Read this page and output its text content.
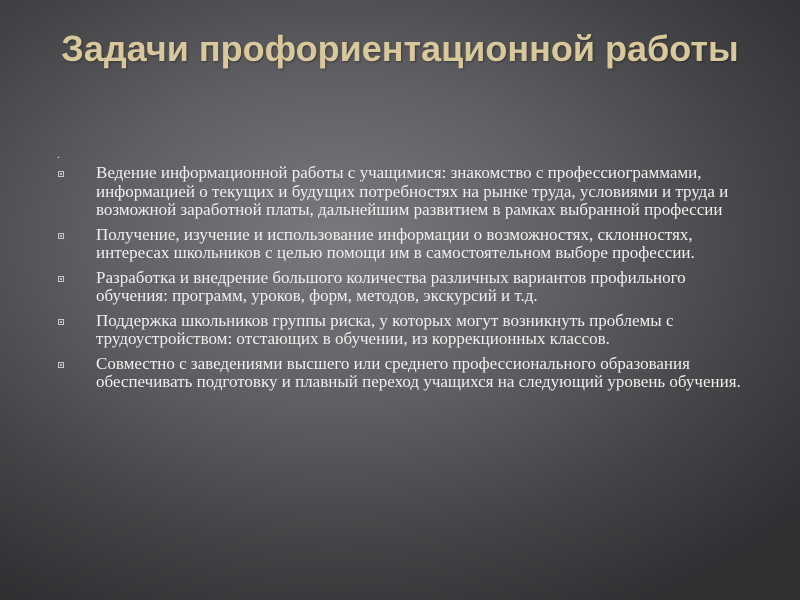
Задачи профориентационной работы
.
Ведение информационной работы с учащимися: знакомство с профессиограммами, информацией о текущих и будущих потребностях на рынке труда, условиями и труда и возможной заработной платы, дальнейшим развитием в рамках выбранной профессии
Получение, изучение и использование информации о возможностях, склонностях, интересах школьников с целью помощи им в самостоятельном выборе профессии.
Разработка и внедрение большого количества различных вариантов профильного обучения: программ, уроков, форм, методов, экскурсий и т.д.
Поддержка школьников группы риска, у которых могут возникнуть проблемы с трудоустройством: отстающих в обучении, из коррекционных классов.
Совместно с заведениями высшего или среднего профессионального образования обеспечивать подготовку и плавный переход учащихся на следующий уровень обучения.
